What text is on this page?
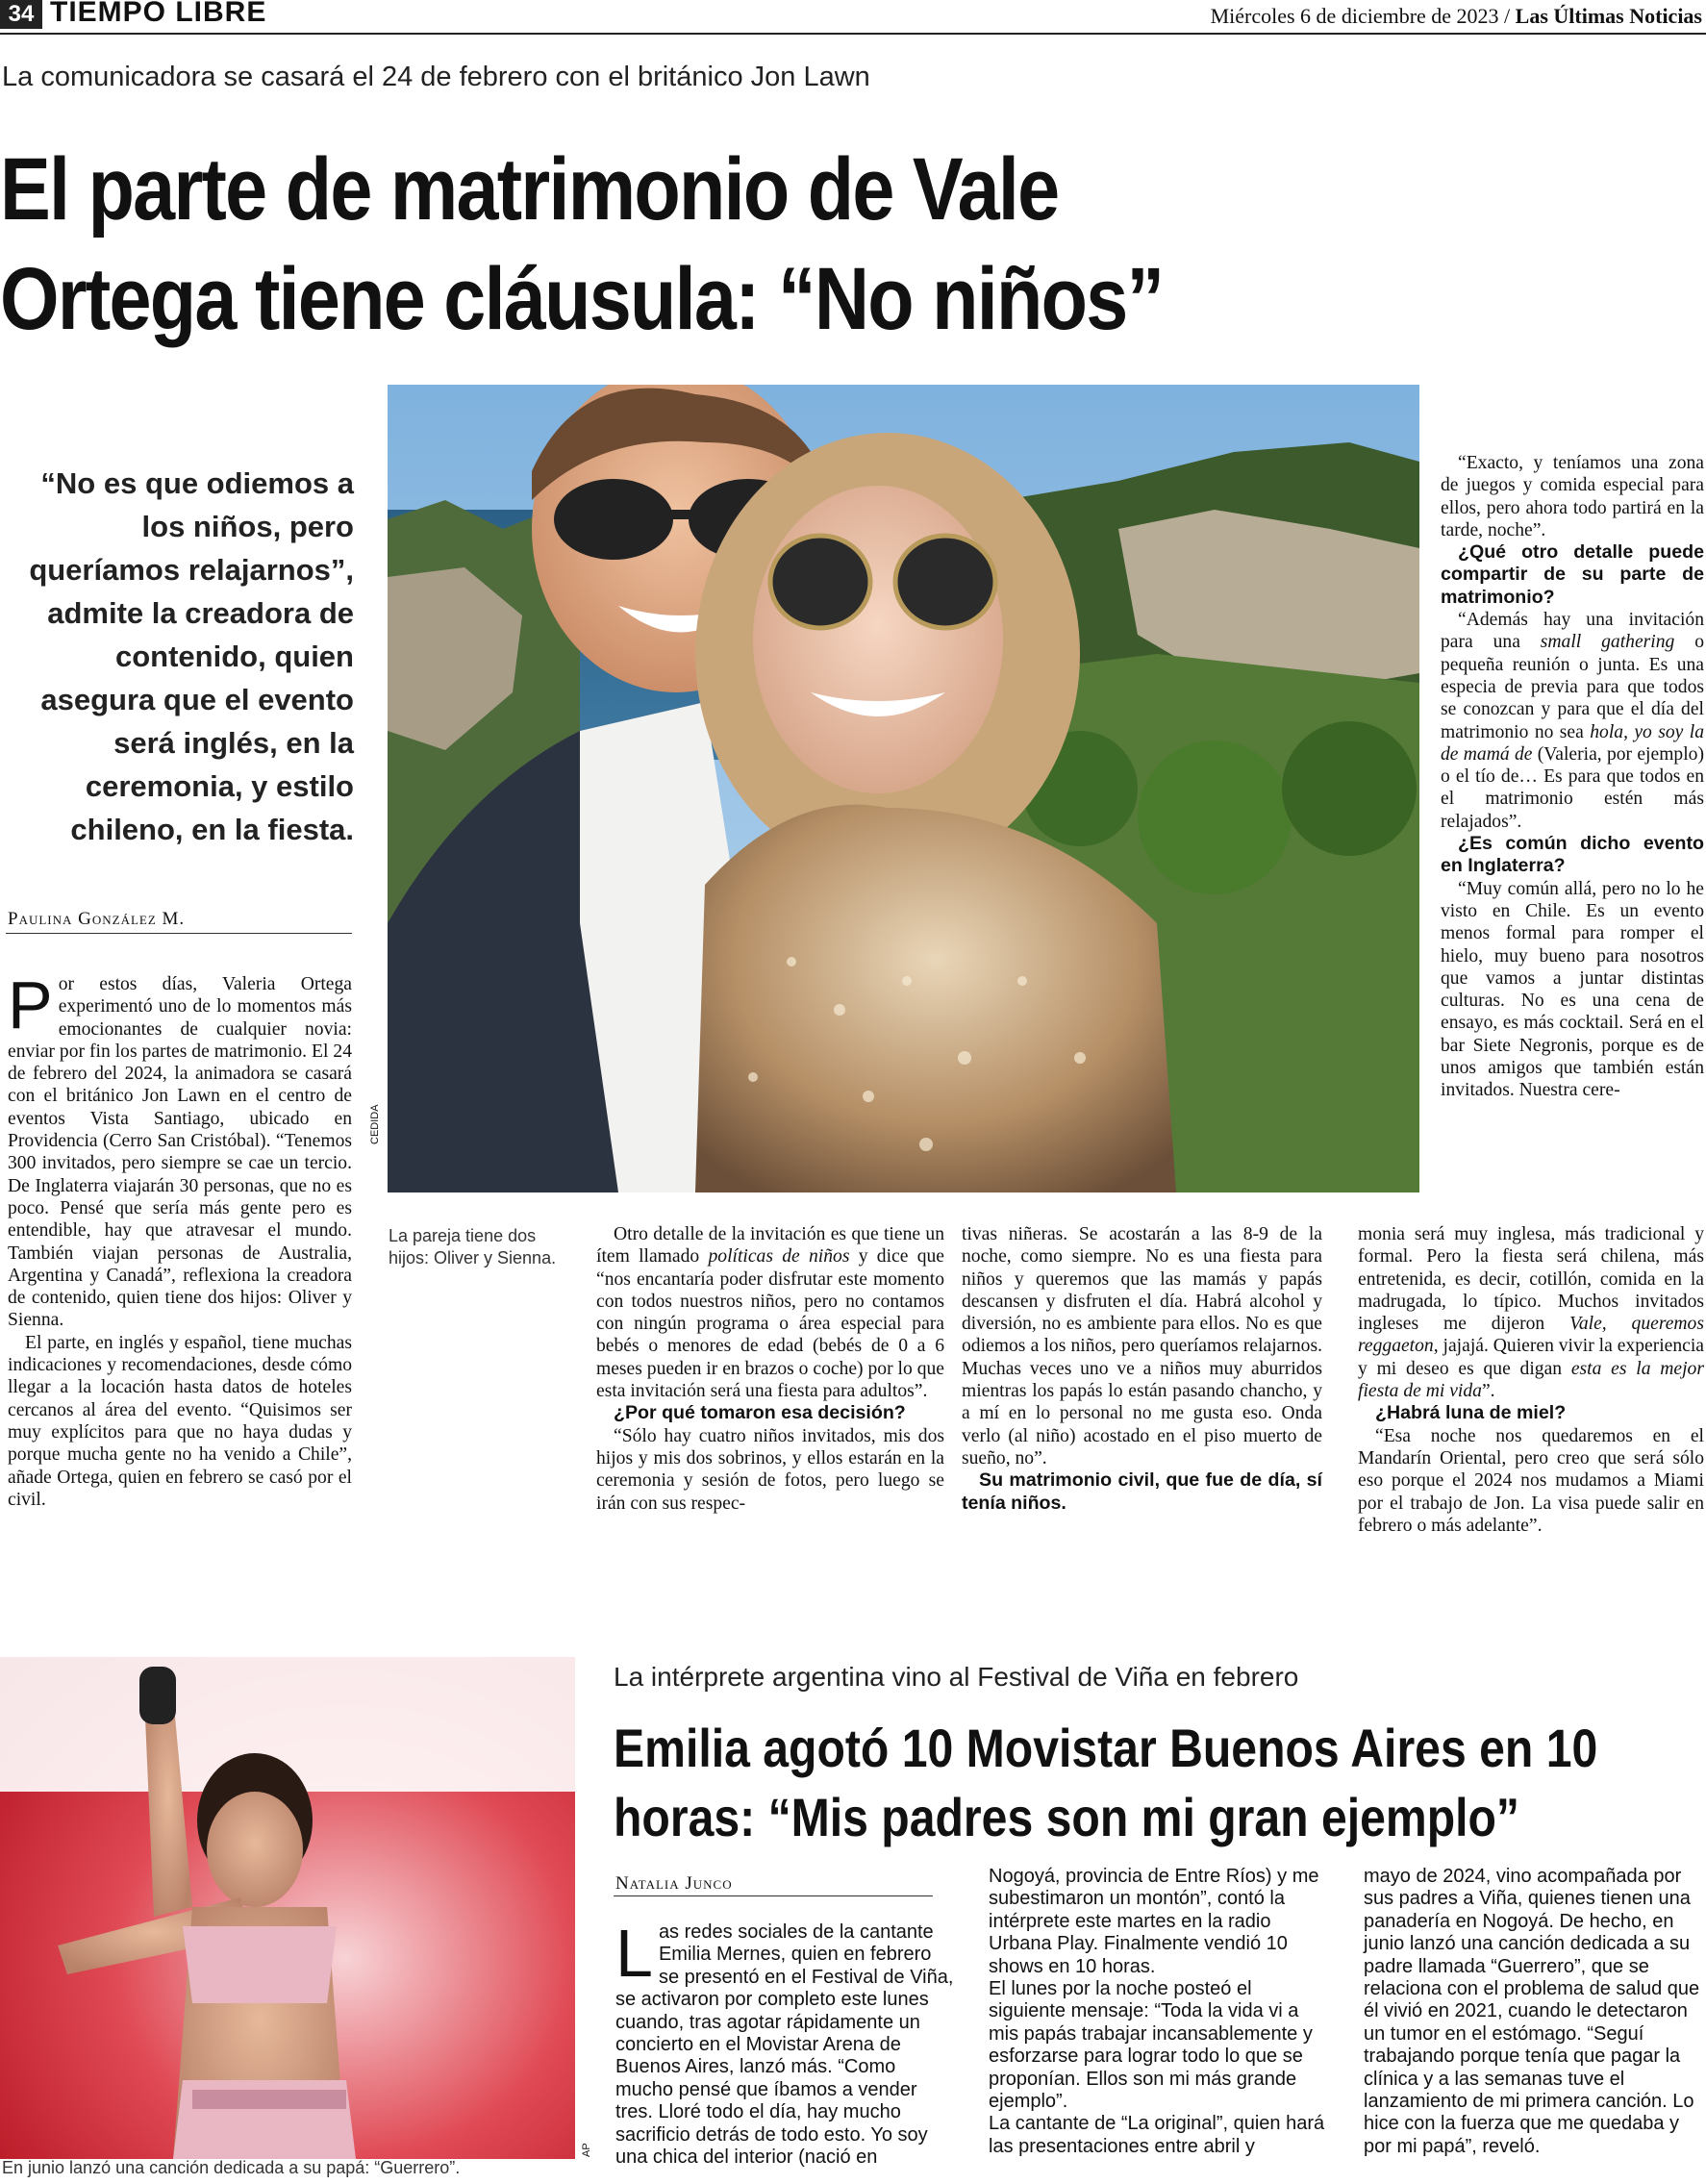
34 TIEMPO LIBRE	Miércoles 6 de diciembre de 2023 / Las Últimas Noticias
La comunicadora se casará el 24 de febrero con el británico Jon Lawn
El parte de matrimonio de Vale
Ortega tiene cláusula: “No niños”
“No es que odiemos a los niños, pero queríamos relajarnos”, admite la creadora de contenido, quien asegura que el evento será inglés, en la ceremonia, y estilo chileno, en la fiesta.
Paulina González M.

Por estos días, Valeria Ortega experimentó uno de lo momentos más emocionantes de cualquier novia: enviar por fin los partes de matrimonio. El 24 de febrero del 2024, la animadora se casará con el británico Jon Lawn en el centro de eventos Vista Santiago, ubicado en Providencia (Cerro San Cristóbal). “Tenemos 300 invitados, pero siempre se cae un tercio. De Inglaterra viajarán 30 personas, que no es poco. Pensé que sería más gente pero es entendible, hay que atravesar el mundo. También viajan personas de Australia, Argentina y Canadá”, reflexiona la creadora de contenido, quien tiene dos hijos: Oliver y Sienna.

El parte, en inglés y español, tiene muchas indicaciones y recomendaciones, desde cómo llegar a la locación hasta datos de hoteles cercanos al área del evento. “Quisimos ser muy explícitos para que no haya dudas y porque mucha gente no ha venido a Chile”, añade Ortega, quien en febrero se casó por el civil.

CEDIDA
La pareja tiene dos hijos: Oliver y Sienna.

Otro detalle de la invitación es que tiene un ítem llamado políticas de niños y dice que “nos encantaría poder disfrutar este momento con todos nuestros niños, pero no contamos con ningún programa o área especial para bebés o menores de edad (bebés de 0 a 6 meses pueden ir en brazos o coche) por lo que esta invitación será una fiesta para adultos”.

¿Por qué tomaron esa decisión?

“Sólo hay cuatro niños invitados, mis dos hijos y mis dos sobrinos, y ellos estarán en la ceremonia y sesión de fotos, pero luego se irán con sus respec-

tivas niñeras. Se acostarán a las 8-9 de la noche, como siempre. No es una fiesta para niños y queremos que las mamás y papás descansen y disfruten el día. Habrá alcohol y diversión, no es ambiente para ellos. No es que odiemos a los niños, pero queríamos relajarnos. Muchas veces uno ve a niños muy aburridos mientras los papás lo están pasando chancho, y a mí en lo personal no me gusta eso. Onda verlo (al niño) acostado en el piso muerto de sueño, no”.

Su matrimonio civil, que fue de día, sí tenía niños.

“Exacto, y teníamos una zona de juegos y comida especial para ellos, pero ahora todo partirá en la tarde, noche”.

¿Qué otro detalle puede compartir de su parte de matrimonio?

“Además hay una invitación para una small gathering o pequeña reunión o junta. Es una especia de previa para que todos se conozcan y para que el día del matrimonio no sea hola, yo soy la de mamá de (Valeria, por ejemplo) o el tío de… Es para que todos en el matrimonio estén más relajados”.

¿Es común dicho evento en Inglaterra?

“Muy común allá, pero no lo he visto en Chile. Es un evento menos formal para romper el hielo, muy bueno para nosotros que vamos a juntar distintas culturas. No es una cena de ensayo, es más cocktail. Será en el bar Siete Negronis, porque es de unos amigos que también están invitados. Nuestra cere-

monia será muy inglesa, más tradicional y formal. Pero la fiesta será chilena, más entretenida, es decir, cotillón, comida en la madrugada, lo típico. Muchos invitados ingleses me dijeron Vale, queremos reggaeton, jajajá. Quieren vivir la experiencia y mi deseo es que digan esta es la mejor fiesta de mi vida”.

¿Habrá luna de miel?

“Esa noche nos quedaremos en el Mandarín Oriental, pero creo que será sólo eso porque el 2024 nos mudamos a Miami por el trabajo de Jon. La visa puede salir en febrero o más adelante”.

AP
En junio lanzó una canción dedicada a su papá: “Guerrero”.
La intérprete argentina vino al Festival de Viña en febrero
Emilia agotó 10 Movistar Buenos Aires en 10
horas: “Mis padres son mi gran ejemplo”
Natalia Junco

Las redes sociales de la cantante Emilia Mernes, quien en febrero se presentó en el Festival de Viña, se activaron por completo este lunes cuando, tras agotar rápidamente un concierto en el Movistar Arena de Buenos Aires, lanzó más. “Como mucho pensé que íbamos a vender tres. Lloré todo el día, hay mucho sacrificio detrás de todo esto. Yo soy una chica del interior (nació en

Nogoyá, provincia de Entre Ríos) y me subestimaron un montón”, contó la intérprete este martes en la radio Urbana Play. Finalmente vendió 10 shows en 10 horas.

El lunes por la noche posteó el siguiente mensaje: “Toda la vida vi a mis papás trabajar incansablemente y esforzarse para lograr todo lo que se proponían. Ellos son mi más grande ejemplo”.

La cantante de “La original”, quien hará las presentaciones entre abril y

mayo de 2024, vino acompañada por sus padres a Viña, quienes tienen una panadería en Nogoyá. De hecho, en junio lanzó una canción dedicada a su padre llamada “Guerrero”, que se relaciona con el problema de salud que él vivió en 2021, cuando le detectaron un tumor en el estómago. “Seguí trabajando porque tenía que pagar la clínica y a las semanas tuve el lanzamiento de mi primera canción. Lo hice con la fuerza que me quedaba y por mi papá”, reveló.
